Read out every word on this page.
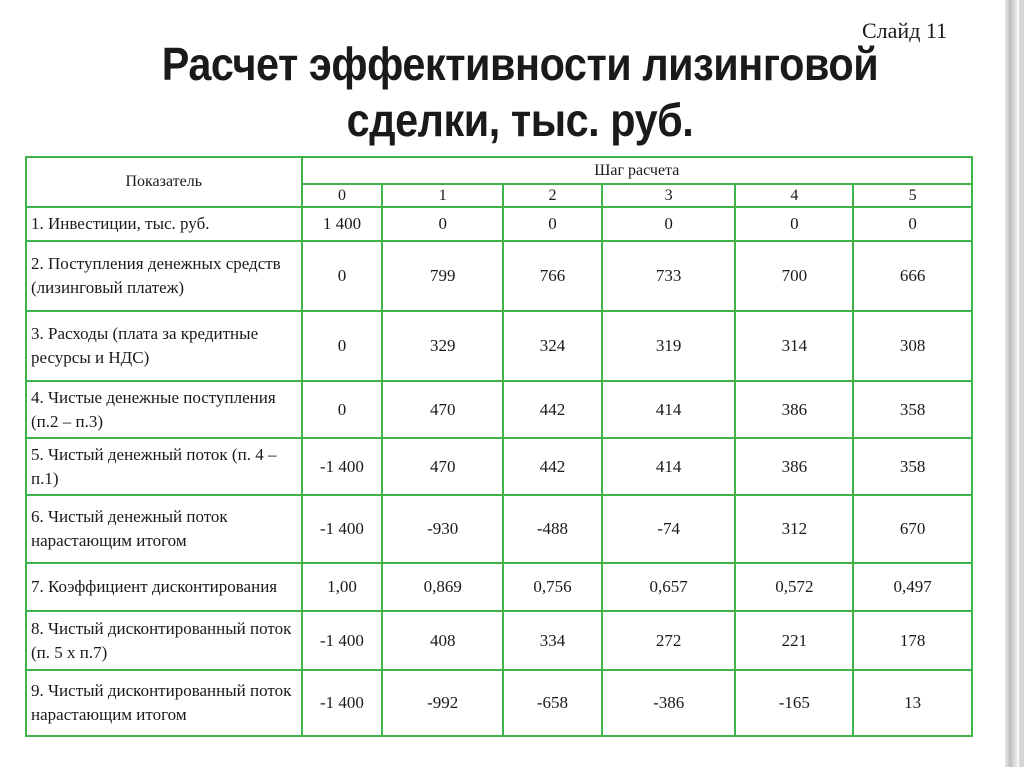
Слайд 11
Расчет эффективности лизинговой
сделки, тыс. руб.
Показатель	Шаг расчета					
	0	1	2	3	4	5
1. Инвестиции, тыс. руб.	1 400	0	0	0	0	0
2. Поступления денежных средств (лизинговый платеж)	0	799	766	733	700	666
3. Расходы (плата за кредитные ресурсы и НДС)	0	329	324	319	314	308
4. Чистые денежные поступления (п.2 – п.3)	0	470	442	414	386	358
5. Чистый денежный поток (п. 4 – п.1)	-1 400	470	442	414	386	358
6. Чистый денежный поток нарастающим итогом	-1 400	-930	-488	-74	312	670
7. Коэффициент дисконтирования	1,00	0,869	0,756	0,657	0,572	0,497
8. Чистый дисконтированный поток (п. 5 х п.7)	-1 400	408	334	272	221	178
9. Чистый дисконтированный поток нарастающим итогом	-1 400	-992	-658	-386	-165	13
